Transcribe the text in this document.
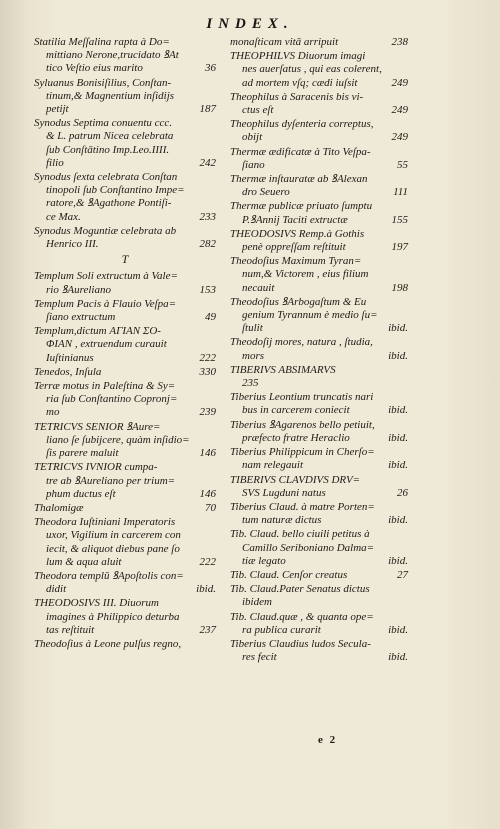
INDEX.
Statilia Meſſalina rapta à Do=
mittiano Nerone,trucidato ꝸAt
tico Veſtio eius marito	36
Syluanus Bonisiſilius, Conſtan-
tinum,& Magnentium inſidijs
petijt	187
Synodus Septima conuentu ccc.
& L. patrum Nicea celebrata
ſub Conſtātino Imp.Leo.IIII.
filio	242
Synodus ſexta celebrata Conſtan
tinopoli ſub Conſtantino Impe=
ratore,& ꝸAgathone Pontiſi-
ce Max.	233
Synodus Moguntiæ celebrata ab
Henrico III.	282
T
Templum Soli extructum à Vale=
rio ꝸAureliano	153
Templum Pacis à Flauio Veſpa=
ſiano extructum	49
Templum,dictum ΑΓΙΑΝ ΣΟ-
ΦΙΑΝ , extruendum curauit
Iuſtinianus	222
Tenedos, Inſula	330
Terræ motus in Paleſtina & Sy=
ria ſub Conſtantino Copronj=
mo	239
TETRICVS SENIOR ꝸAure=
liano ſe ſubijcere, quàm inſidio=
ſis parere maluit	146
TETRICVS IVNIOR cumpa-
tre ab ꝸAureliano per trium=
phum ductus eſt	146
Thalomigæ	70
Theodora Iuſtiniani Imperatoris
uxor, Vigilium in carcerem con
iecit, & aliquot diebus pane ſo
lum & aqua aluit	222
Theodora templū ꝸApoſtolis con=
didit	ibid.
THEODOSIVS III. Diuorum
imagines à Philippico deturba
tas reſtituit	237
Theodoſius à Leone pulſus regno,
monaſticam vitā arripuit	238
THEOPHILVS Diuorum imagi
nes auerſatus , qui eas colerent,
ad mortem vſq; cædi iuſsit	249
Theophilus à Saracenis bis vi-
ctus eſt	249
Theophilus dyſenteria correptus,
obijt	249
Thermæ ædificatæ à Tito Veſpa-
ſiano	55
Thermæ inſtauratæ ab ꝸAlexan
dro Seuero	111
Thermæ publicæ priuato ſumptu
P.ꝸAnnij Taciti extructæ	155
THEODOSIVS Remp.à Gothis
penè oppreſſam reſtituit	197
Theodoſius Maximum Tyran=
num,& Victorem , eius filium
necauit	198
Theodoſius ꝸArbogaſtum & Eu
genium Tyrannum è medio ſu=
ſtulit	ibid.
Theodoſij mores, natura , ſtudia,
mors	ibid.
TIBERIVS ABSIMARVS
235
Tiberius Leontium truncatis nari
bus in carcerem coniecit	ibid.
Tiberius ꝸAgarenos bello petiuit,
præfecto fratre Heraclio	ibid.
Tiberius Philippicum in Cherſo=
nam relegauit	ibid.
TIBERIVS CLAVDIVS DRV=
SVS Lugduni natus	26
Tiberius Claud. à matre Porten=
tum naturæ dictus	ibid.
Tib. Claud. bello ciuili petitus à
Camillo Seriboniano Dalma=
tiæ legato	ibid.
Tib. Claud. Cenſor creatus	27
Tib. Claud.Pater Senatus dictus
ibidem
Tib. Claud.quæ , & quanta ope=
ra publica curarit	ibid.
Tiberius Claudius ludos Secula-
res fecit	ibid.
e 2
